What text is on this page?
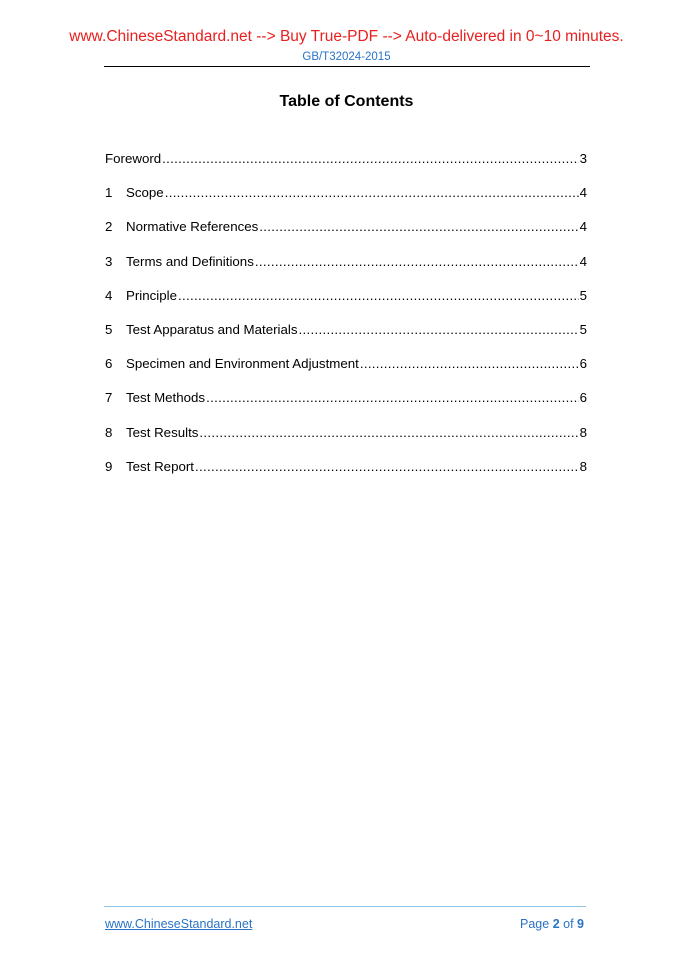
www.ChineseStandard.net --> Buy True-PDF --> Auto-delivered in 0~10 minutes.
GB/T32024-2015
Table of Contents
Foreword .....	3
1	Scope .....	4
2	Normative References .....	4
3	Terms and Definitions .....	4
4	Principle .....	5
5	Test Apparatus and Materials .....	5
6	Specimen and Environment Adjustment .....	6
7	Test Methods .....	6
8	Test Results .....	8
9	Test Report .....	8
www.ChineseStandard.net	Page 2 of 9
